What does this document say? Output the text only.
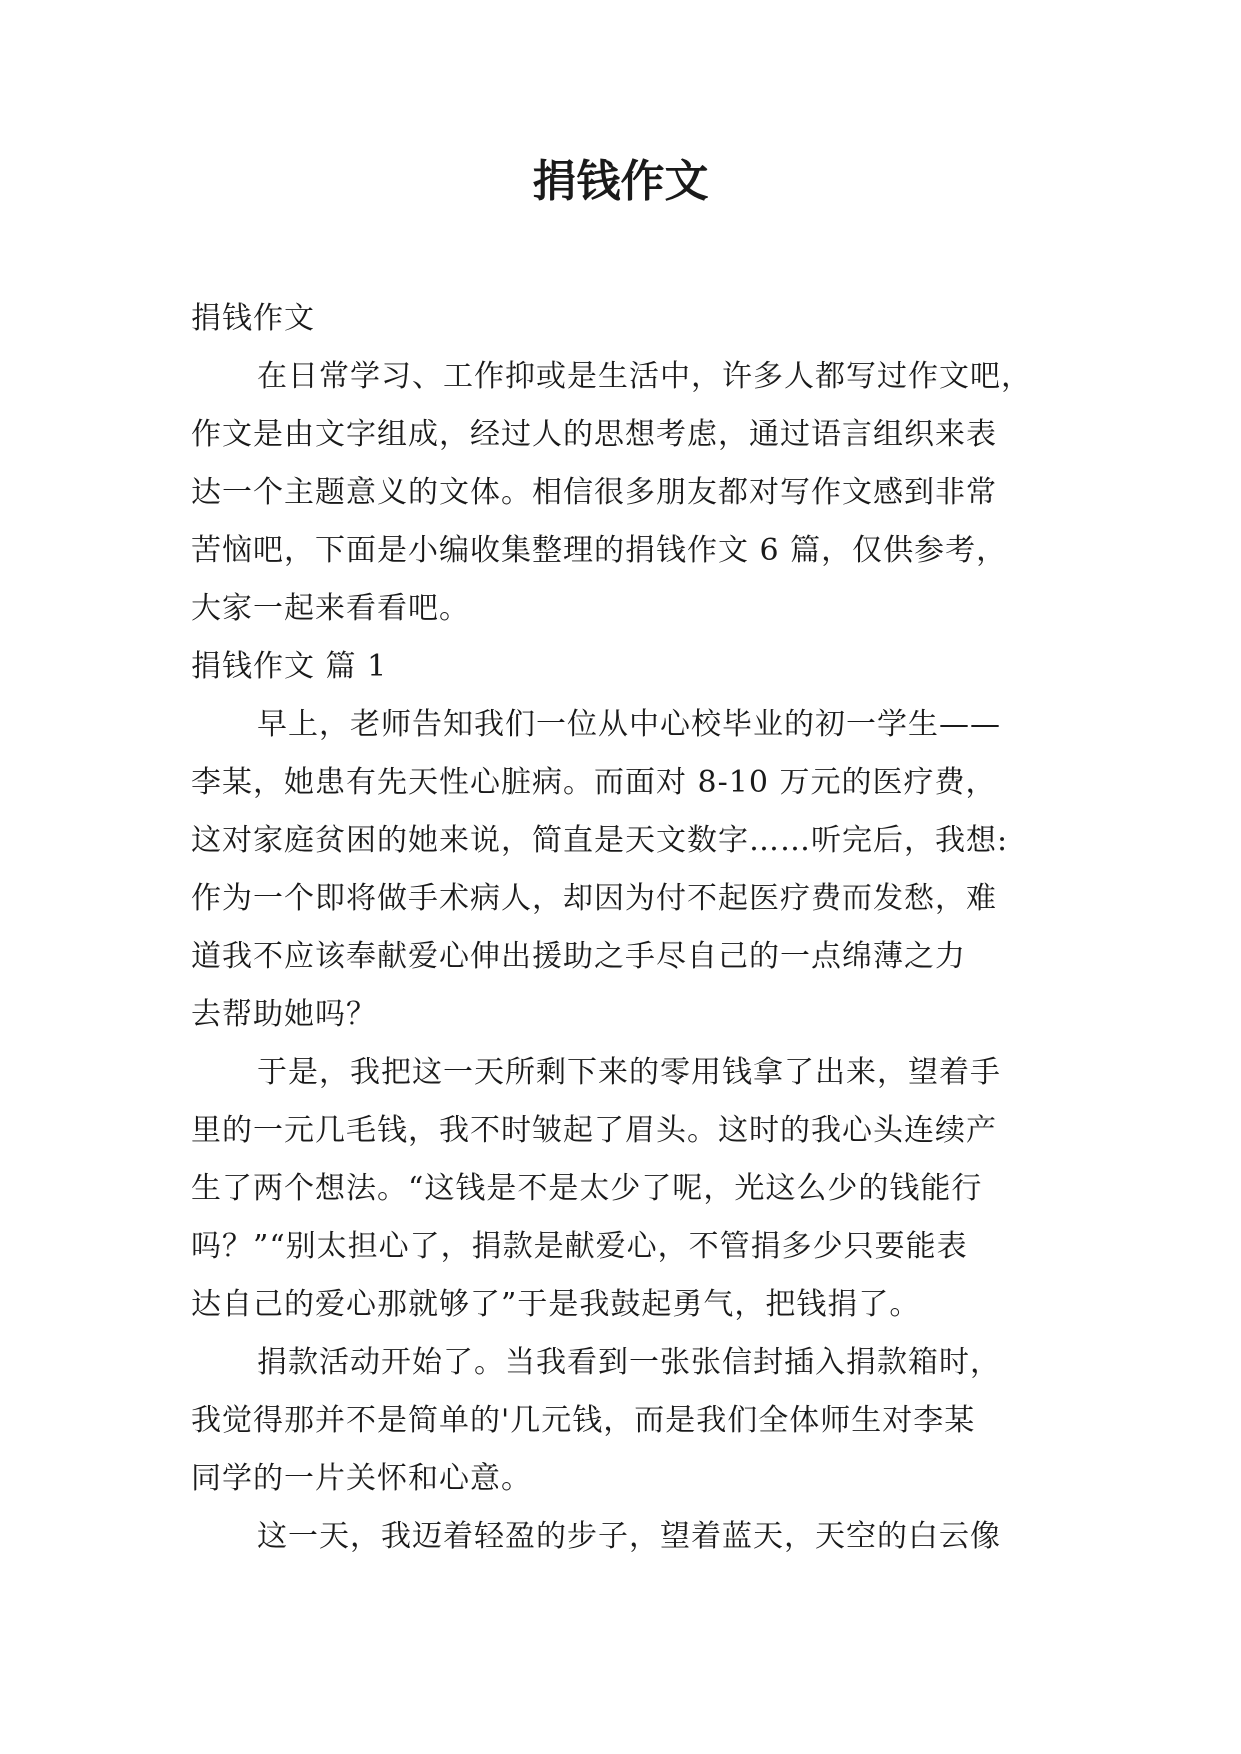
捐钱作文
捐钱作文
在日常学习、工作抑或是生活中，许多人都写过作文吧，
作文是由文字组成，经过人的思想考虑，通过语言组织来表
达一个主题意义的文体。相信很多朋友都对写作文感到非常
苦恼吧，下面是小编收集整理的捐钱作文 6 篇，仅供参考，
大家一起来看看吧。
捐钱作文 篇 1
早上，老师告知我们一位从中心校毕业的初一学生——
李某，她患有先天性心脏病。而面对 8-10 万元的医疗费，
这对家庭贫困的她来说，简直是天文数字……听完后，我想:
作为一个即将做手术病人，却因为付不起医疗费而发愁，难
道我不应该奉献爱心伸出援助之手尽自己的一点绵薄之力
去帮助她吗？
于是，我把这一天所剩下来的零用钱拿了出来，望着手
里的一元几毛钱，我不时皱起了眉头。这时的我心头连续产
生了两个想法。“这钱是不是太少了呢，光这么少的钱能行
吗？”“别太担心了，捐款是献爱心，不管捐多少只要能表
达自己的爱心那就够了”于是我鼓起勇气，把钱捐了。
捐款活动开始了。当我看到一张张信封插入捐款箱时，
我觉得那并不是简单的'几元钱，而是我们全体师生对李某
同学的一片关怀和心意。
这一天，我迈着轻盈的步子，望着蓝天，天空的白云像
